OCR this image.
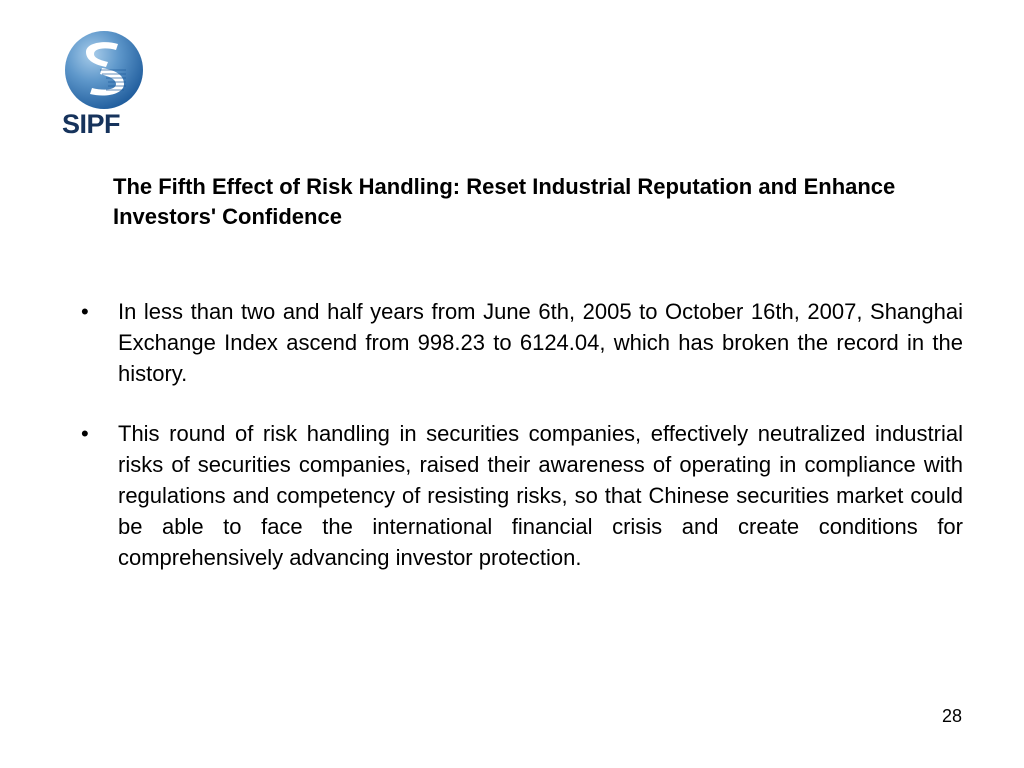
SIPF
The Fifth Effect of Risk Handling: Reset Industrial Reputation and Enhance Investors' Confidence
• In less than two and half years from June 6th, 2005 to October 16th, 2007, Shanghai Exchange Index ascend from 998.23 to 6124.04, which has broken the record in the history.
• This round of risk handling in securities companies, effectively neutralized industrial risks of securities companies, raised their awareness of operating in compliance with regulations and competency of resisting risks, so that Chinese securities market could be able to face the international financial crisis and create conditions for comprehensively advancing investor protection.
28
